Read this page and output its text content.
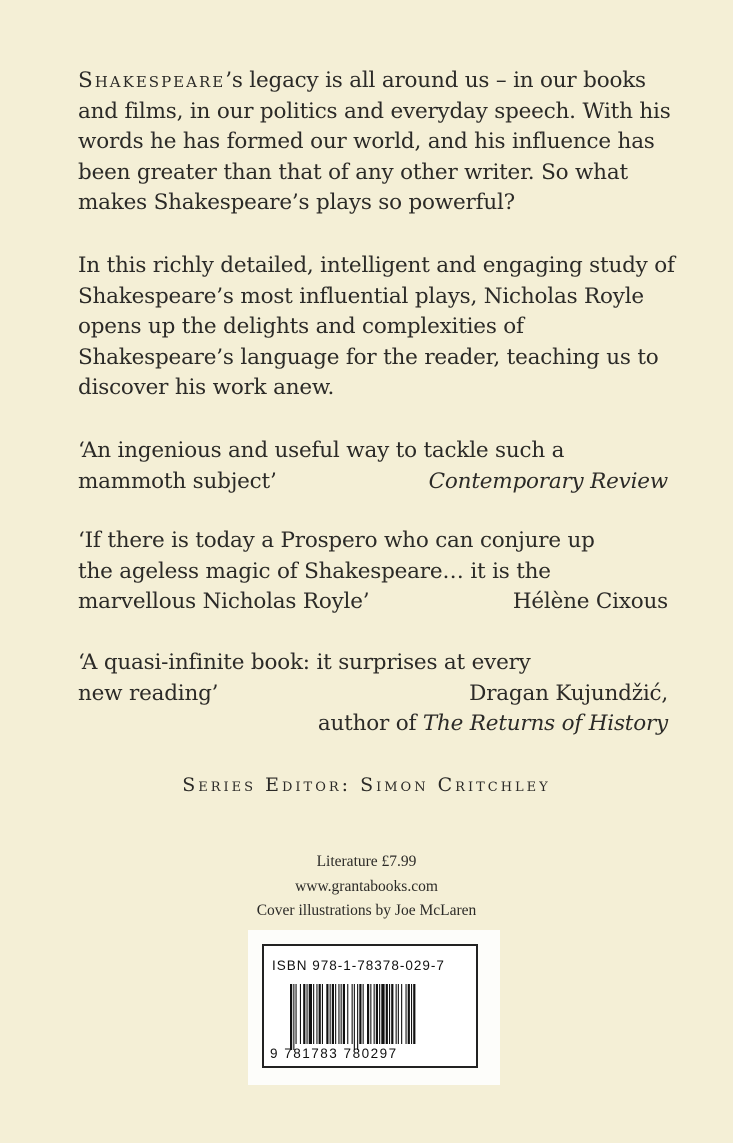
Shakespeare’s legacy is all around us – in our books and films, in our politics and everyday speech. With his words he has formed our world, and his influence has been greater than that of any other writer. So what makes Shakespeare’s plays so powerful?

In this richly detailed, intelligent and engaging study of Shakespeare’s most influential plays, Nicholas Royle opens up the delights and complexities of Shakespeare’s language for the reader, teaching us to discover his work anew.

‘An ingenious and useful way to tackle such a
mammoth subject’	Contemporary Review
‘If there is today a Prospero who can conjure up
the ageless magic of Shakespeare… it is the
marvellous Nicholas Royle’	Hélène Cixous
‘A quasi-infinite book: it surprises at every
new reading’	Dragan Kujundžić,
author of The Returns of History
Series Editor: Simon Critchley
Literature £7.99
www.grantabooks.com
Cover illustrations by Joe McLaren
ISBN 978-1-78378-029-7
9 781783 780297
